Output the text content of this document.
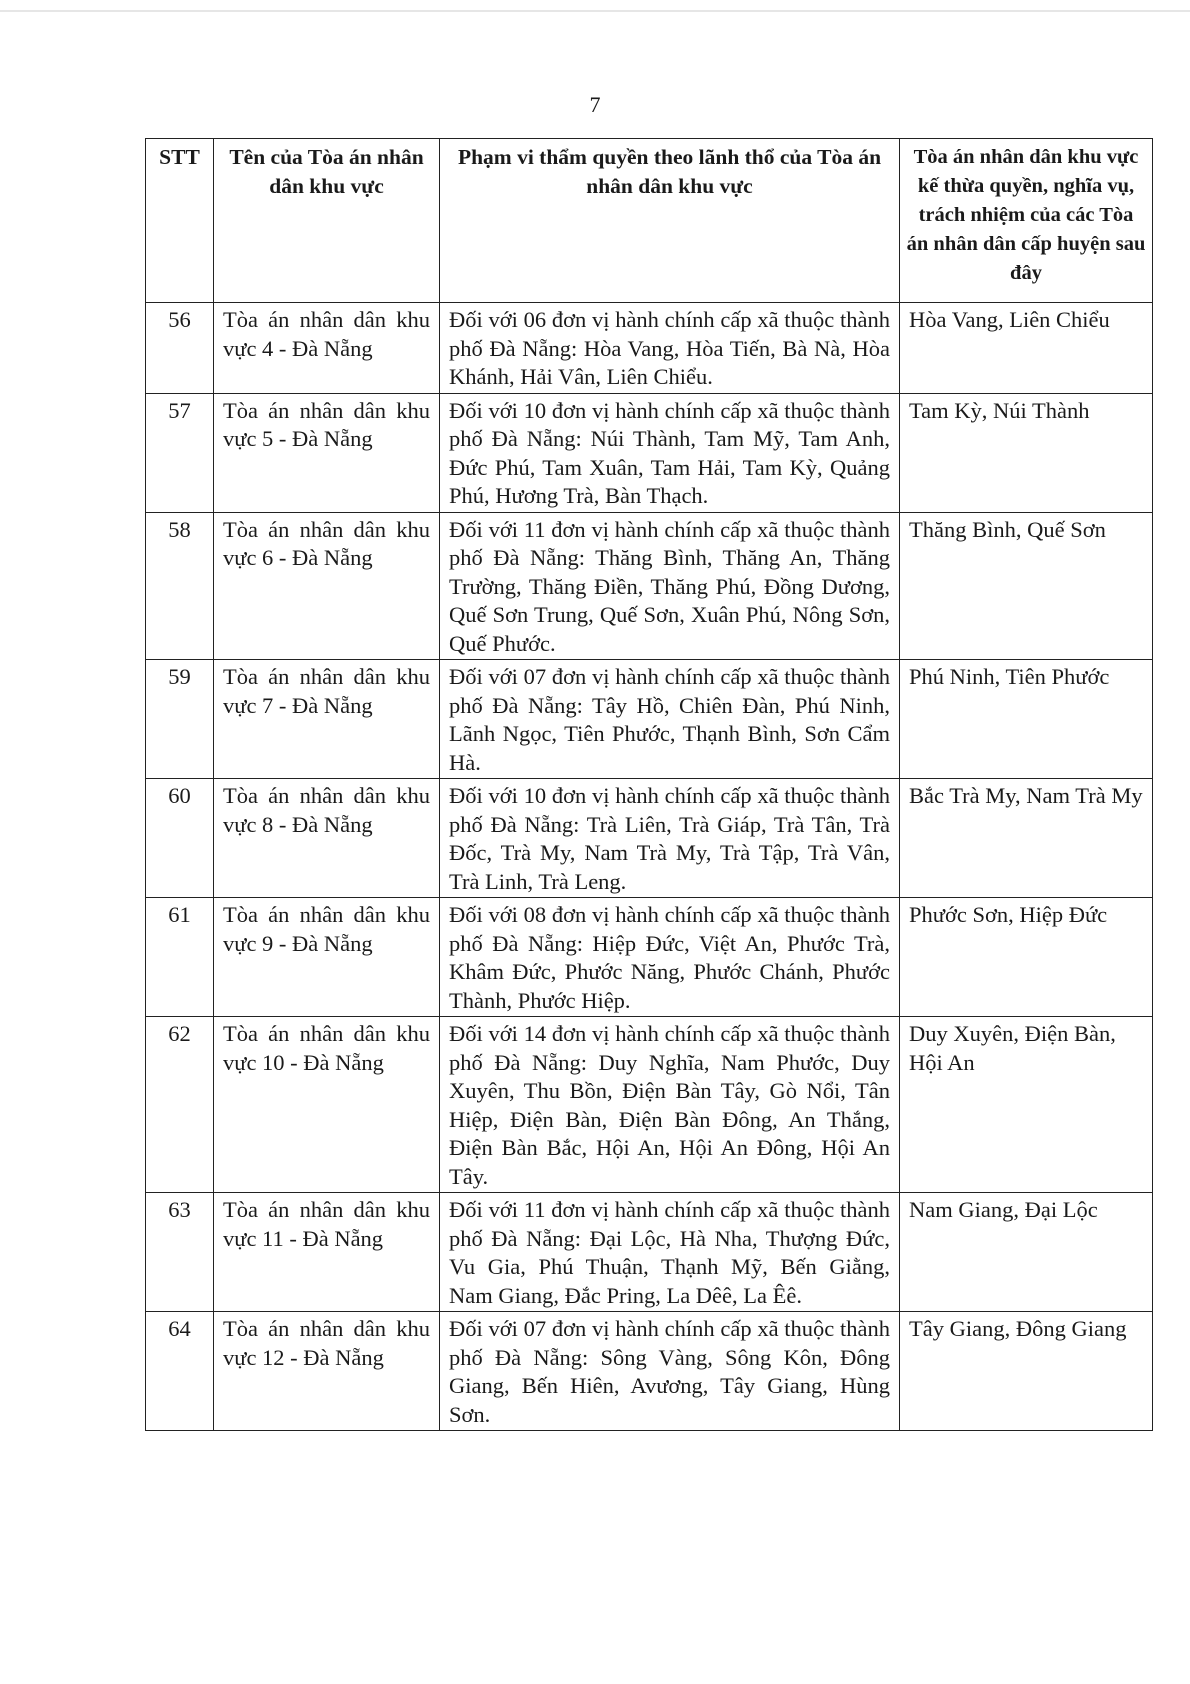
7
STT	Tên của Tòa án nhân dân khu vực	Phạm vi thẩm quyền theo lãnh thổ của Tòa án nhân dân khu vực	Tòa án nhân dân khu vực kế thừa quyền, nghĩa vụ, trách nhiệm của các Tòa án nhân dân cấp huyện sau đây
56	Tòa án nhân dân khu vực 4 - Đà Nẵng	Đối với 06 đơn vị hành chính cấp xã thuộc thành phố Đà Nẵng: Hòa Vang, Hòa Tiến, Bà Nà, Hòa Khánh, Hải Vân, Liên Chiểu.	Hòa Vang, Liên Chiểu
57	Tòa án nhân dân khu vực 5 - Đà Nẵng	Đối với 10 đơn vị hành chính cấp xã thuộc thành phố Đà Nẵng: Núi Thành, Tam Mỹ, Tam Anh, Đức Phú, Tam Xuân, Tam Hải, Tam Kỳ, Quảng Phú, Hương Trà, Bàn Thạch.	Tam Kỳ, Núi Thành
58	Tòa án nhân dân khu vực 6 - Đà Nẵng	Đối với 11 đơn vị hành chính cấp xã thuộc thành phố Đà Nẵng: Thăng Bình, Thăng An, Thăng Trường, Thăng Điền, Thăng Phú, Đồng Dương, Quế Sơn Trung, Quế Sơn, Xuân Phú, Nông Sơn, Quế Phước.	Thăng Bình, Quế Sơn
59	Tòa án nhân dân khu vực 7 - Đà Nẵng	Đối với 07 đơn vị hành chính cấp xã thuộc thành phố Đà Nẵng: Tây Hồ, Chiên Đàn, Phú Ninh, Lãnh Ngọc, Tiên Phước, Thạnh Bình, Sơn Cẩm Hà.	Phú Ninh, Tiên Phước
60	Tòa án nhân dân khu vực 8 - Đà Nẵng	Đối với 10 đơn vị hành chính cấp xã thuộc thành phố Đà Nẵng: Trà Liên, Trà Giáp, Trà Tân, Trà Đốc, Trà My, Nam Trà My, Trà Tập, Trà Vân, Trà Linh, Trà Leng.	Bắc Trà My, Nam Trà My
61	Tòa án nhân dân khu vực 9 - Đà Nẵng	Đối với 08 đơn vị hành chính cấp xã thuộc thành phố Đà Nẵng: Hiệp Đức, Việt An, Phước Trà, Khâm Đức, Phước Năng, Phước Chánh, Phước Thành, Phước Hiệp.	Phước Sơn, Hiệp Đức
62	Tòa án nhân dân khu vực 10 - Đà Nẵng	Đối với 14 đơn vị hành chính cấp xã thuộc thành phố Đà Nẵng: Duy Nghĩa, Nam Phước, Duy Xuyên, Thu Bồn, Điện Bàn Tây, Gò Nổi, Tân Hiệp, Điện Bàn, Điện Bàn Đông, An Thắng, Điện Bàn Bắc, Hội An, Hội An Đông, Hội An Tây.	Duy Xuyên, Điện Bàn, Hội An
63	Tòa án nhân dân khu vực 11 - Đà Nẵng	Đối với 11 đơn vị hành chính cấp xã thuộc thành phố Đà Nẵng: Đại Lộc, Hà Nha, Thượng Đức, Vu Gia, Phú Thuận, Thạnh Mỹ, Bến Giằng, Nam Giang, Đắc Pring, La Dêê, La Êê.	Nam Giang, Đại Lộc
64	Tòa án nhân dân khu vực 12 - Đà Nẵng	Đối với 07 đơn vị hành chính cấp xã thuộc thành phố Đà Nẵng: Sông Vàng, Sông Kôn, Đông Giang, Bến Hiên, Avương, Tây Giang, Hùng Sơn.	Tây Giang, Đông Giang
